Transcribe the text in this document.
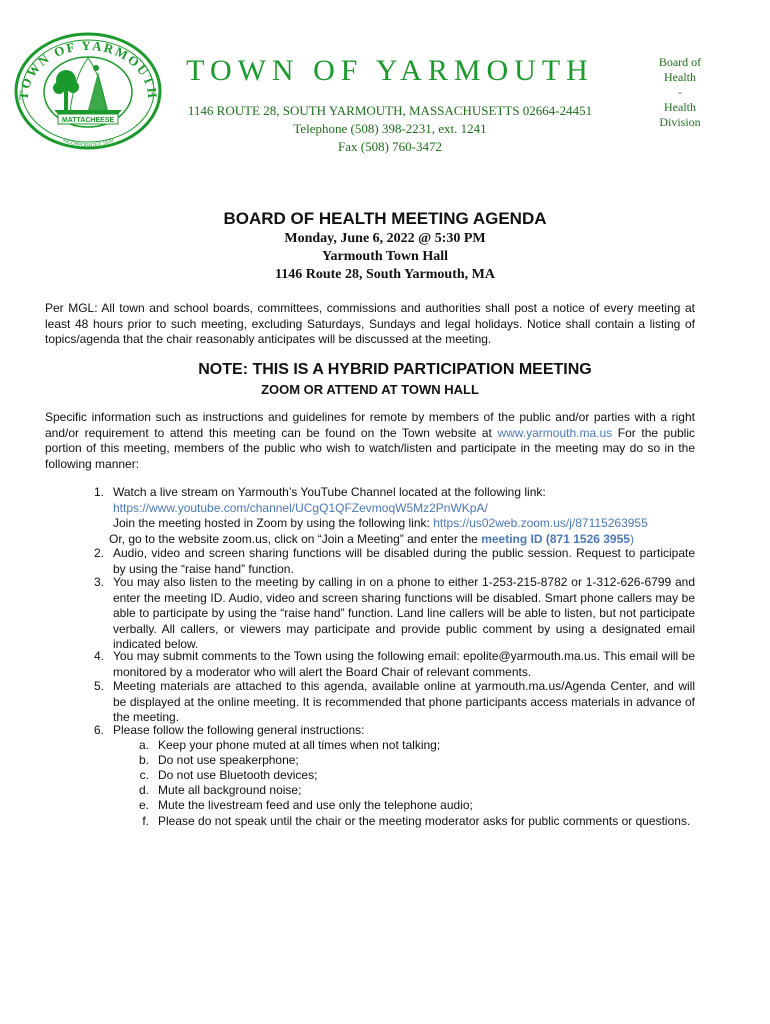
MATTACHEESE
TOWN OF YARMOUTH
INCORPORATED 1639
TOWN OF YARMOUTH
1146 ROUTE 28, SOUTH YARMOUTH, MASSACHUSETTS 02664-24451
Telephone (508) 398-2231, ext. 1241
Fax (508) 760-3472
Board of
Health
-
Health
Division
BOARD OF HEALTH MEETING AGENDA
Monday, June 6, 2022 @ 5:30 PM
Yarmouth Town Hall
1146 Route 28, South Yarmouth, MA
Per MGL: All town and school boards, committees, commissions and authorities shall post a notice of every meeting at least 48 hours prior to such meeting, excluding Saturdays, Sundays and legal holidays. Notice shall contain a listing of topics/agenda that the chair reasonably anticipates will be discussed at the meeting.
NOTE: THIS IS A HYBRID PARTICIPATION MEETING
ZOOM OR ATTEND AT TOWN HALL
Specific information such as instructions and guidelines for remote by members of the public and/or parties with a right and/or requirement to attend this meeting can be found on the Town website at www.yarmouth.ma.us For the public portion of this meeting, members of the public who wish to watch/listen and participate in the meeting may do so in the following manner:
1. Watch a live stream on Yarmouth’s YouTube Channel located at the following link:
https://www.youtube.com/channel/UCgQ1QFZevmoqW5Mz2PnWKpA/
Join the meeting hosted in Zoom by using the following link: https://us02web.zoom.us/j/87115263955
Or, go to the website zoom.us, click on “Join a Meeting” and enter the meeting ID (871 1526 3955)
2. Audio, video and screen sharing functions will be disabled during the public session. Request to participate by using the “raise hand” function.
3. You may also listen to the meeting by calling in on a phone to either 1-253-215-8782 or 1-312-626-6799 and enter the meeting ID. Audio, video and screen sharing functions will be disabled. Smart phone callers may be able to participate by using the “raise hand” function. Land line callers will be able to listen, but not participate verbally. All callers, or viewers may participate and provide public comment by using a designated email indicated below.
4. You may submit comments to the Town using the following email: epolite@yarmouth.ma.us. This email will be monitored by a moderator who will alert the Board Chair of relevant comments.
5. Meeting materials are attached to this agenda, available online at yarmouth.ma.us/Agenda Center, and will be displayed at the online meeting. It is recommended that phone participants access materials in advance of the meeting.
6. Please follow the following general instructions:
a. Keep your phone muted at all times when not talking;
b. Do not use speakerphone;
c. Do not use Bluetooth devices;
d. Mute all background noise;
e. Mute the livestream feed and use only the telephone audio;
f. Please do not speak until the chair or the meeting moderator asks for public comments or questions.
